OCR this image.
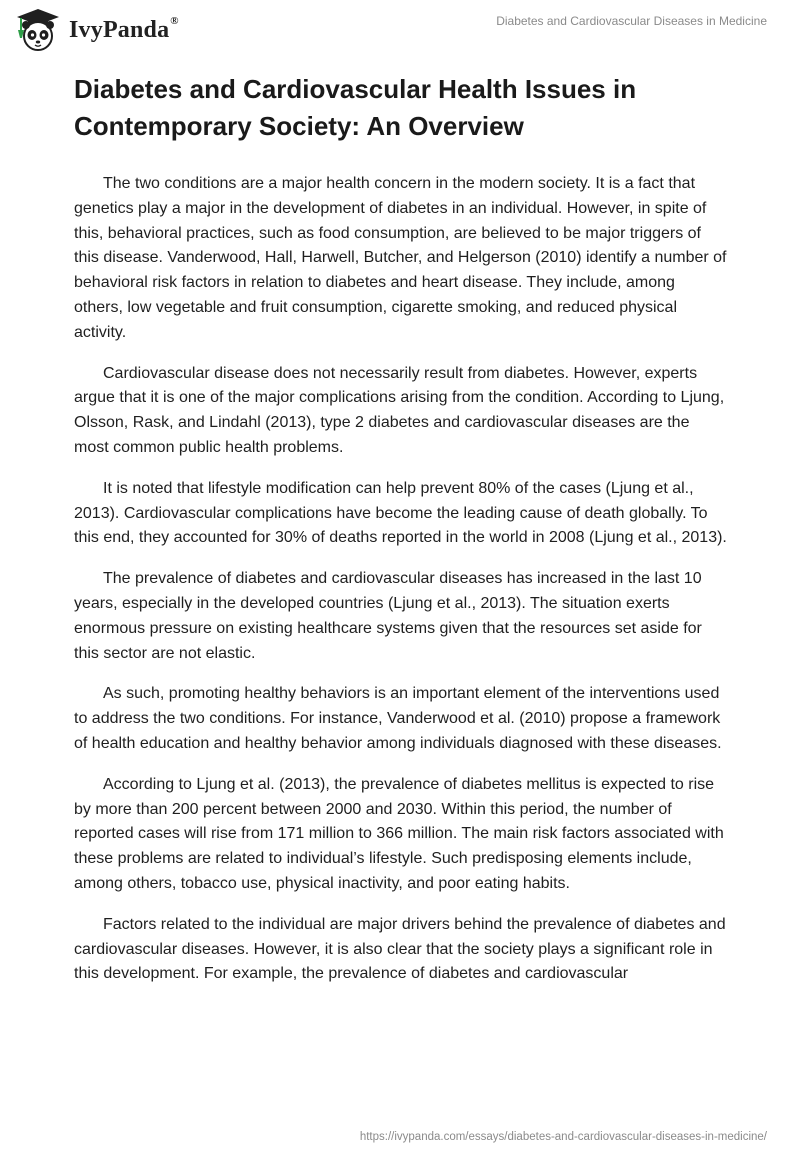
IvyPanda®	Diabetes and Cardiovascular Diseases in Medicine
Diabetes and Cardiovascular Health Issues in Contemporary Society: An Overview

The two conditions are a major health concern in the modern society. It is a fact that genetics play a major in the development of diabetes in an individual. However, in spite of this, behavioral practices, such as food consumption, are believed to be major triggers of this disease. Vanderwood, Hall, Harwell, Butcher, and Helgerson (2010) identify a number of behavioral risk factors in relation to diabetes and heart disease. They include, among others, low vegetable and fruit consumption, cigarette smoking, and reduced physical activity.

Cardiovascular disease does not necessarily result from diabetes. However, experts argue that it is one of the major complications arising from the condition. According to Ljung, Olsson, Rask, and Lindahl (2013), type 2 diabetes and cardiovascular diseases are the most common public health problems.

It is noted that lifestyle modification can help prevent 80% of the cases (Ljung et al., 2013). Cardiovascular complications have become the leading cause of death globally. To this end, they accounted for 30% of deaths reported in the world in 2008 (Ljung et al., 2013).

The prevalence of diabetes and cardiovascular diseases has increased in the last 10 years, especially in the developed countries (Ljung et al., 2013). The situation exerts enormous pressure on existing healthcare systems given that the resources set aside for this sector are not elastic.

As such, promoting healthy behaviors is an important element of the interventions used to address the two conditions. For instance, Vanderwood et al. (2010) propose a framework of health education and healthy behavior among individuals diagnosed with these diseases.

According to Ljung et al. (2013), the prevalence of diabetes mellitus is expected to rise by more than 200 percent between 2000 and 2030. Within this period, the number of reported cases will rise from 171 million to 366 million. The main risk factors associated with these problems are related to individual’s lifestyle. Such predisposing elements include, among others, tobacco use, physical inactivity, and poor eating habits.

Factors related to the individual are major drivers behind the prevalence of diabetes and cardiovascular diseases. However, it is also clear that the society plays a significant role in this development. For example, the prevalence of diabetes and cardiovascular

https://ivypanda.com/essays/diabetes-and-cardiovascular-diseases-in-medicine/
